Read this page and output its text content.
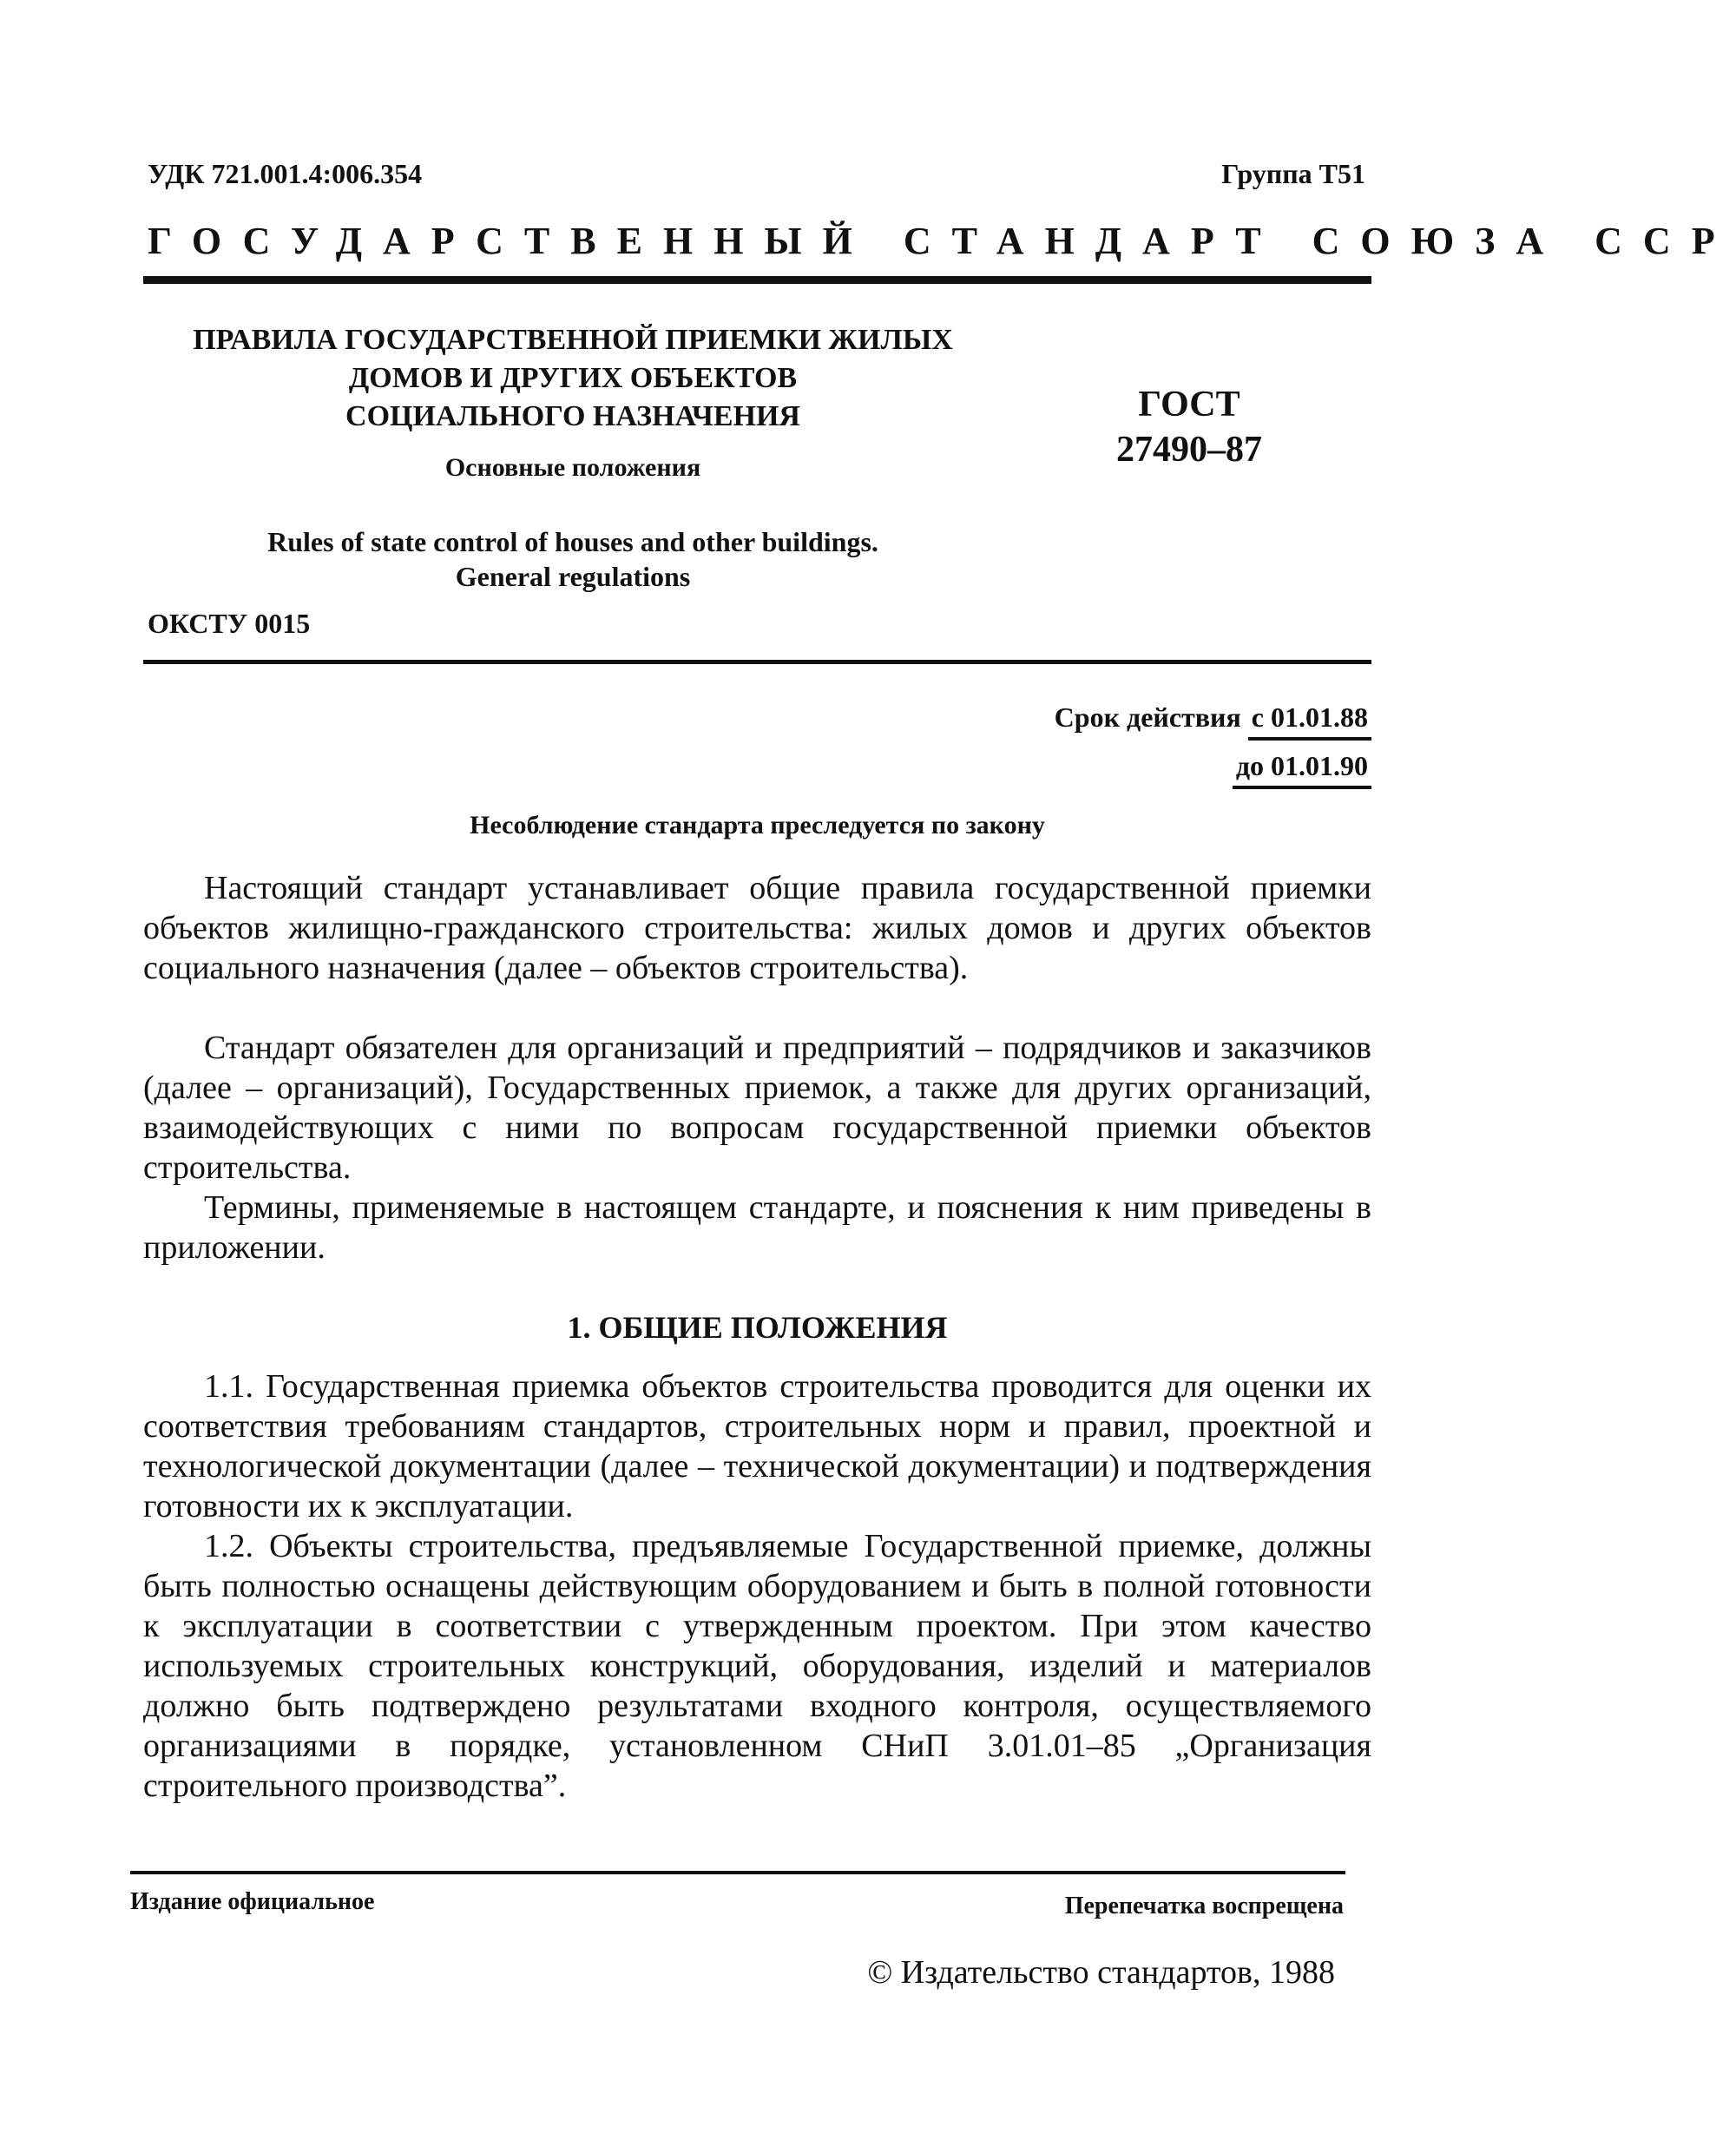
УДК 721.001.4:006.354	Группа Т51
ГОСУДАРСТВЕННЫЙ СТАНДАРТ СОЮЗА ССР
ПРАВИЛА ГОСУДАРСТВЕННОЙ ПРИЕМКИ ЖИЛЫХ
ДОМОВ И ДРУГИХ ОБЪЕКТОВ
СОЦИАЛЬНОГО НАЗНАЧЕНИЯ
Основные положения
ГОСТ
27490–87
Rules of state control of houses and other buildings.
General regulations
ОКСТУ 0015
Срок действия с 01.01.88
до 01.01.90
Несоблюдение стандарта преследуется по закону
Настоящий стандарт устанавливает общие правила государственной приемки объектов жилищно-гражданского строительства: жилых домов и других объектов социального назначения (далее – объектов строительства).
Стандарт обязателен для организаций и предприятий – подрядчиков и заказчиков (далее – организаций), Государственных приемок, а также для других организаций, взаимодействующих с ними по вопросам государственной приемки объектов строительства.
Термины, применяемые в настоящем стандарте, и пояснения к ним приведены в приложении.
1. ОБЩИЕ ПОЛОЖЕНИЯ
1.1. Государственная приемка объектов строительства проводится для оценки их соответствия требованиям стандартов, строительных норм и правил, проектной и технологической документации (далее – технической документации) и подтверждения готовности их к эксплуатации.
1.2. Объекты строительства, предъявляемые Государственной приемке, должны быть полностью оснащены действующим оборудованием и быть в полной готовности к эксплуатации в соответствии с утвержденным проектом. При этом качество используемых строительных конструкций, оборудования, изделий и материалов должно быть подтверждено результатами входного контроля, осуществляемого организациями в порядке, установленном СНиП 3.01.01–85 „Организация строительного производства”.
Издание официальное	Перепечатка воспрещена
© Издательство стандартов, 1988
